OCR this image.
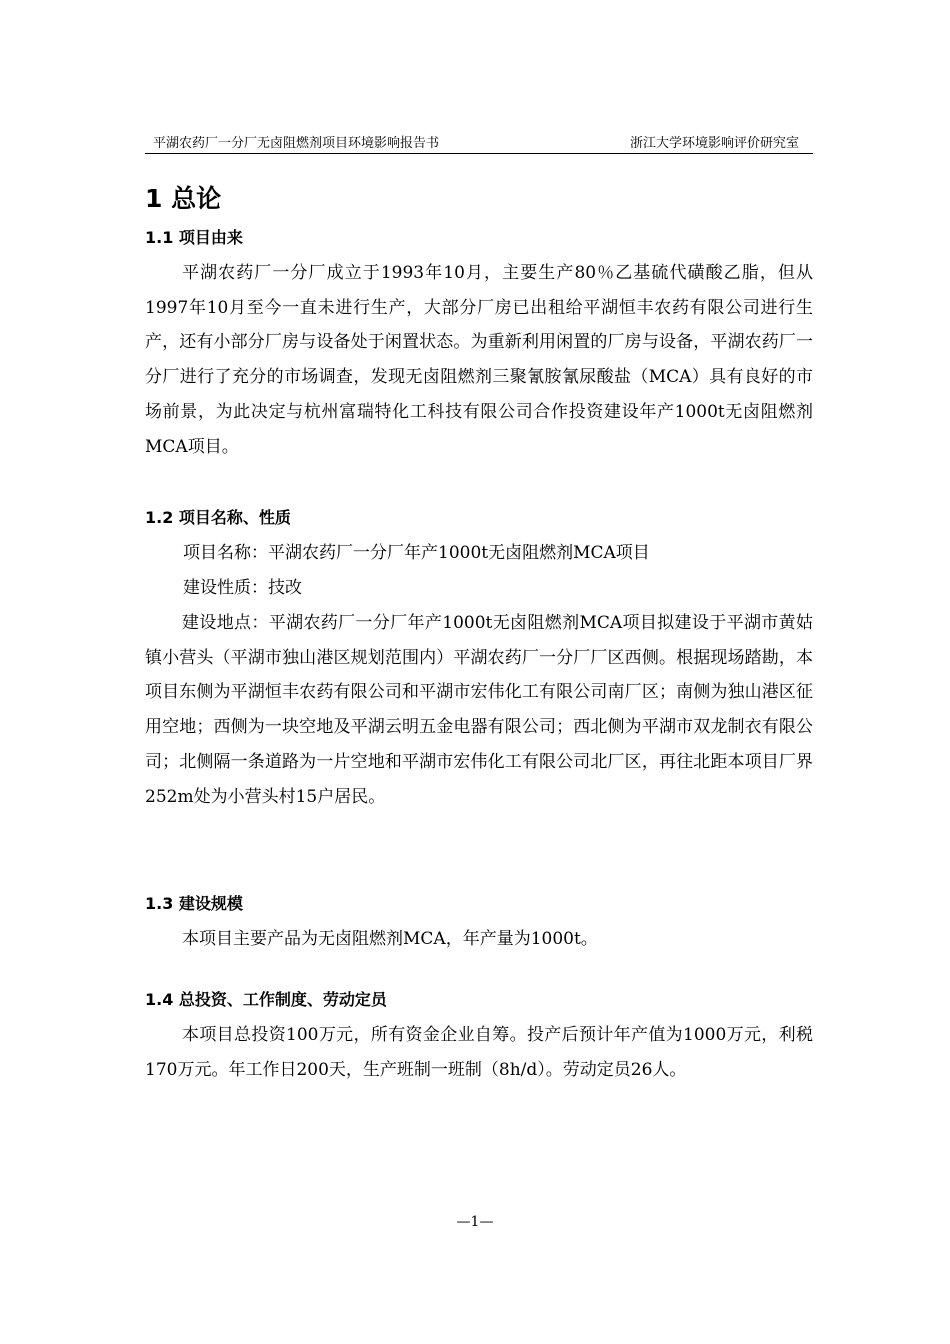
平湖农药厂一分厂无卤阻燃剂项目环境影响报告书	浙江大学环境影响评价研究室
1 总论
1.1 项目由来

平湖农药厂一分厂成立于1993年10月，主要生产80％乙基硫代磺酸乙脂，但从1997年10月至今一直未进行生产，大部分厂房已出租给平湖恒丰农药有限公司进行生产，还有小部分厂房与设备处于闲置状态。为重新利用闲置的厂房与设备，平湖农药厂一分厂进行了充分的市场调查，发现无卤阻燃剂三聚氰胺氰尿酸盐（MCA）具有良好的市场前景，为此决定与杭州富瑞特化工科技有限公司合作投资建设年产1000t无卤阻燃剂MCA项目。

1.2 项目名称、性质
项目名称：平湖农药厂一分厂年产1000t无卤阻燃剂MCA项目
建设性质：技改

建设地点：平湖农药厂一分厂年产1000t无卤阻燃剂MCA项目拟建设于平湖市黄姑镇小营头（平湖市独山港区规划范围内）平湖农药厂一分厂厂区西侧。根据现场踏勘，本项目东侧为平湖恒丰农药有限公司和平湖市宏伟化工有限公司南厂区；南侧为独山港区征用空地；西侧为一块空地及平湖云明五金电器有限公司；西北侧为平湖市双龙制衣有限公司；北侧隔一条道路为一片空地和平湖市宏伟化工有限公司北厂区，再往北距本项目厂界252m处为小营头村15户居民。

1.3 建设规模

本项目主要产品为无卤阻燃剂MCA，年产量为1000t。

1.4 总投资、工作制度、劳动定员

本项目总投资100万元，所有资金企业自筹。投产后预计年产值为1000万元，利税170万元。年工作日200天，生产班制一班制（8h/d）。劳动定员26人。

—1—
